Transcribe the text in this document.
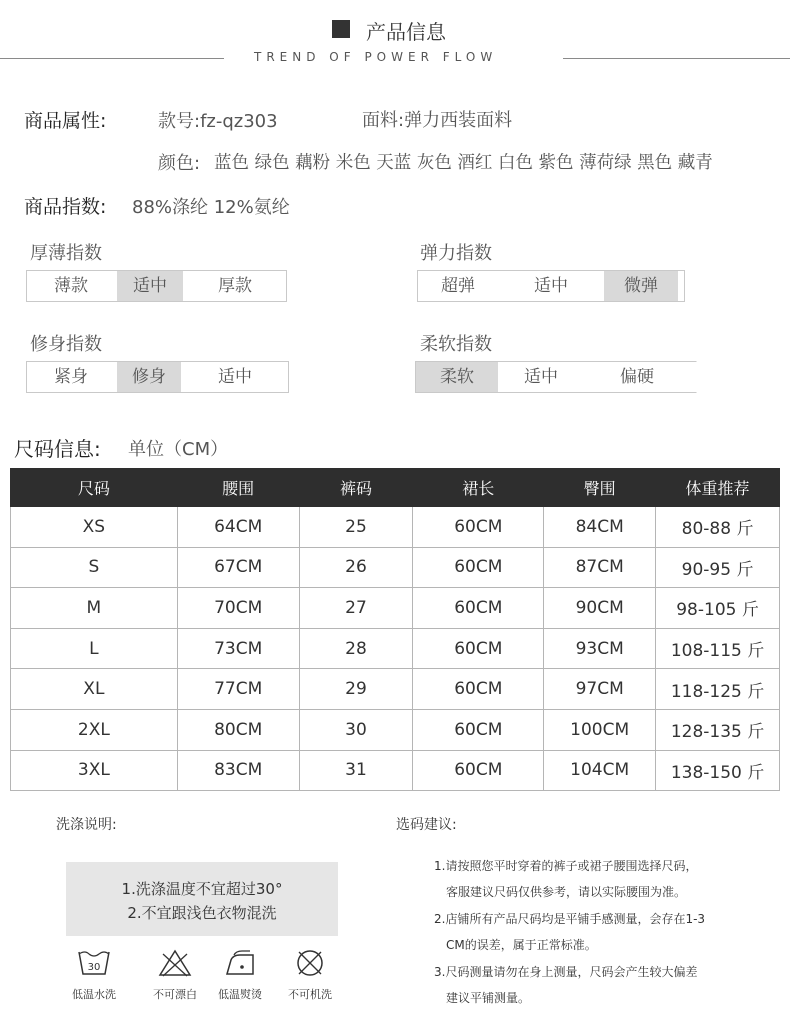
产品信息
TREND OF POWER FLOW
商品属性:	款号:fz-qz303	面料:弹力西装面料
颜色: 蓝色 绿色 藕粉 米色 天蓝 灰色 酒红 白色 紫色 薄荷绿 黑色 藏青
商品指数: 88%涤纶 12%氨纶
厚薄指数
薄款	适中	厚款
弹力指数
超弹	适中	微弹
修身指数
紧身	修身	适中
柔软指数
柔软	适中	偏硬
尺码信息: 单位（CM）
尺码	腰围	裤码	裙长	臀围	体重推荐
XS	64CM	25	60CM	84CM	80-88 斤
S	67CM	26	60CM	87CM	90-95 斤
M	70CM	27	60CM	90CM	98-105 斤
L	73CM	28	60CM	93CM	108-115 斤
XL	77CM	29	60CM	97CM	118-125 斤
2XL	80CM	30	60CM	100CM	128-135 斤
3XL	83CM	31	60CM	104CM	138-150 斤
洗涤说明:
1.洗涤温度不宜超过30°
2.不宜跟浅色衣物混洗
30
低温水洗	不可漂白	低温熨烫	不可机洗
选码建议:
1.请按照您平时穿着的裤子或裙子腰围选择尺码，
客服建议尺码仅供参考，请以实际腰围为准。
2.店铺所有产品尺码均是平铺手感测量，会存在1-3
CM的误差，属于正常标准。
3.尺码测量请勿在身上测量，尺码会产生较大偏差
建议平铺测量。
